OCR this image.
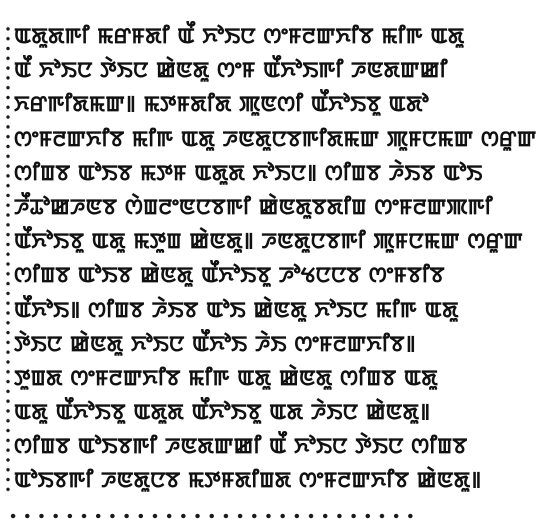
ꯑꯗꯨꯗꯒꯤ ꯃꯔꯝꯗꯤ ꯑꯩ ꯈꯣꯏꯅ ꯁꯦꯝꯂꯛꯈꯤꯕ ꯃꯤꯒ ꯑꯗꯨ
ꯑꯩ ꯈꯣꯏꯅ ꯇꯥꯏꯅ ꯀꯥꯟꯗꯨ ꯁꯦꯝ ꯑꯩꯈꯣꯏꯒꯤ ꯍꯟꯗꯛꯀꯤ
ꯈꯔꯒꯤꯗꯃꯛ꯫ ꯃꯇꯝꯗꯤꯗ ꯄꯨꯟꯁꯤ ꯑꯩꯈꯣꯏꯕꯨ ꯑꯗꯣ
ꯁꯦꯝꯂꯛꯈꯤꯕ ꯃꯤꯒ ꯑꯗꯨ ꯍꯟꯗꯨꯅꯕꯒꯤꯗꯃꯛ ꯄꯨꯝꯅꯃꯛ ꯁꯔꯨꯛ
ꯁꯤꯡꯕ ꯑꯣꯏꯕ ꯃꯇꯝ ꯑꯗꯨꯗ ꯈꯣꯏꯅ꯫ ꯁꯤꯡꯕ ꯍꯥꯏꯕ ꯑꯣꯏ
ꯍꯩꯊꯣꯀꯍꯟꯕ ꯁꯥꯡꯂꯦꯟꯅꯕꯒꯤ ꯀꯥꯟꯗꯨꯕꯗꯤꯡ ꯁꯦꯝꯂꯛꯄꯒꯤ
ꯑꯩꯈꯣꯏꯕꯨ ꯑꯗꯨ ꯃꯇꯨꯡ ꯀꯥꯟꯗꯨ꯫ ꯍꯟꯗꯨꯅꯕꯒꯤ ꯄꯨꯝꯅꯃꯛ ꯁꯔꯨꯛ
ꯁꯤꯡꯕ ꯑꯣꯏꯕ ꯀꯥꯟꯗꯨ ꯑꯩꯈꯣꯏꯕꯨ ꯍꯣꯠꯅꯅꯕ ꯁꯦꯝꯕꯤꯕ
ꯑꯩꯈꯣꯏ꯫ ꯁꯤꯡꯕ ꯍꯥꯏꯕ ꯑꯣꯏ ꯀꯥꯟꯗꯨ ꯈꯣꯏꯅ ꯃꯤꯒ ꯑꯗꯨ
ꯇꯥꯏꯅ ꯀꯥꯟꯗꯨ ꯈꯣꯏꯅ ꯑꯩꯈꯣꯏ ꯍꯥꯏ ꯁꯦꯝꯂꯛꯈꯤꯕ꯫
ꯇꯨꯡꯗ ꯁꯦꯝꯂꯛꯈꯤꯕ ꯃꯤꯒ ꯑꯗꯨ ꯀꯥꯟꯗꯨ ꯁꯤꯡꯕ ꯑꯗꯨ
ꯑꯗꯨ ꯑꯩꯈꯣꯏꯕꯨ ꯑꯗꯨꯗ ꯑꯩꯈꯣꯏꯕꯨ ꯑꯗ ꯍꯥꯏꯅ ꯀꯥꯟꯗꯨ꯫
ꯁꯤꯡꯕ ꯑꯣꯏꯕꯒꯤ ꯍꯟꯗꯛꯀꯤ ꯑꯩ ꯈꯣꯏꯅ ꯇꯥꯏꯅ ꯁꯤꯡꯕ
ꯑꯣꯏꯕꯒꯤ ꯍꯟꯗꯨꯅꯕ ꯃꯇꯝꯗꯤꯡꯗ ꯁꯦꯝꯂꯛꯈꯤꯕ ꯀꯥꯟꯗꯨ꯫
